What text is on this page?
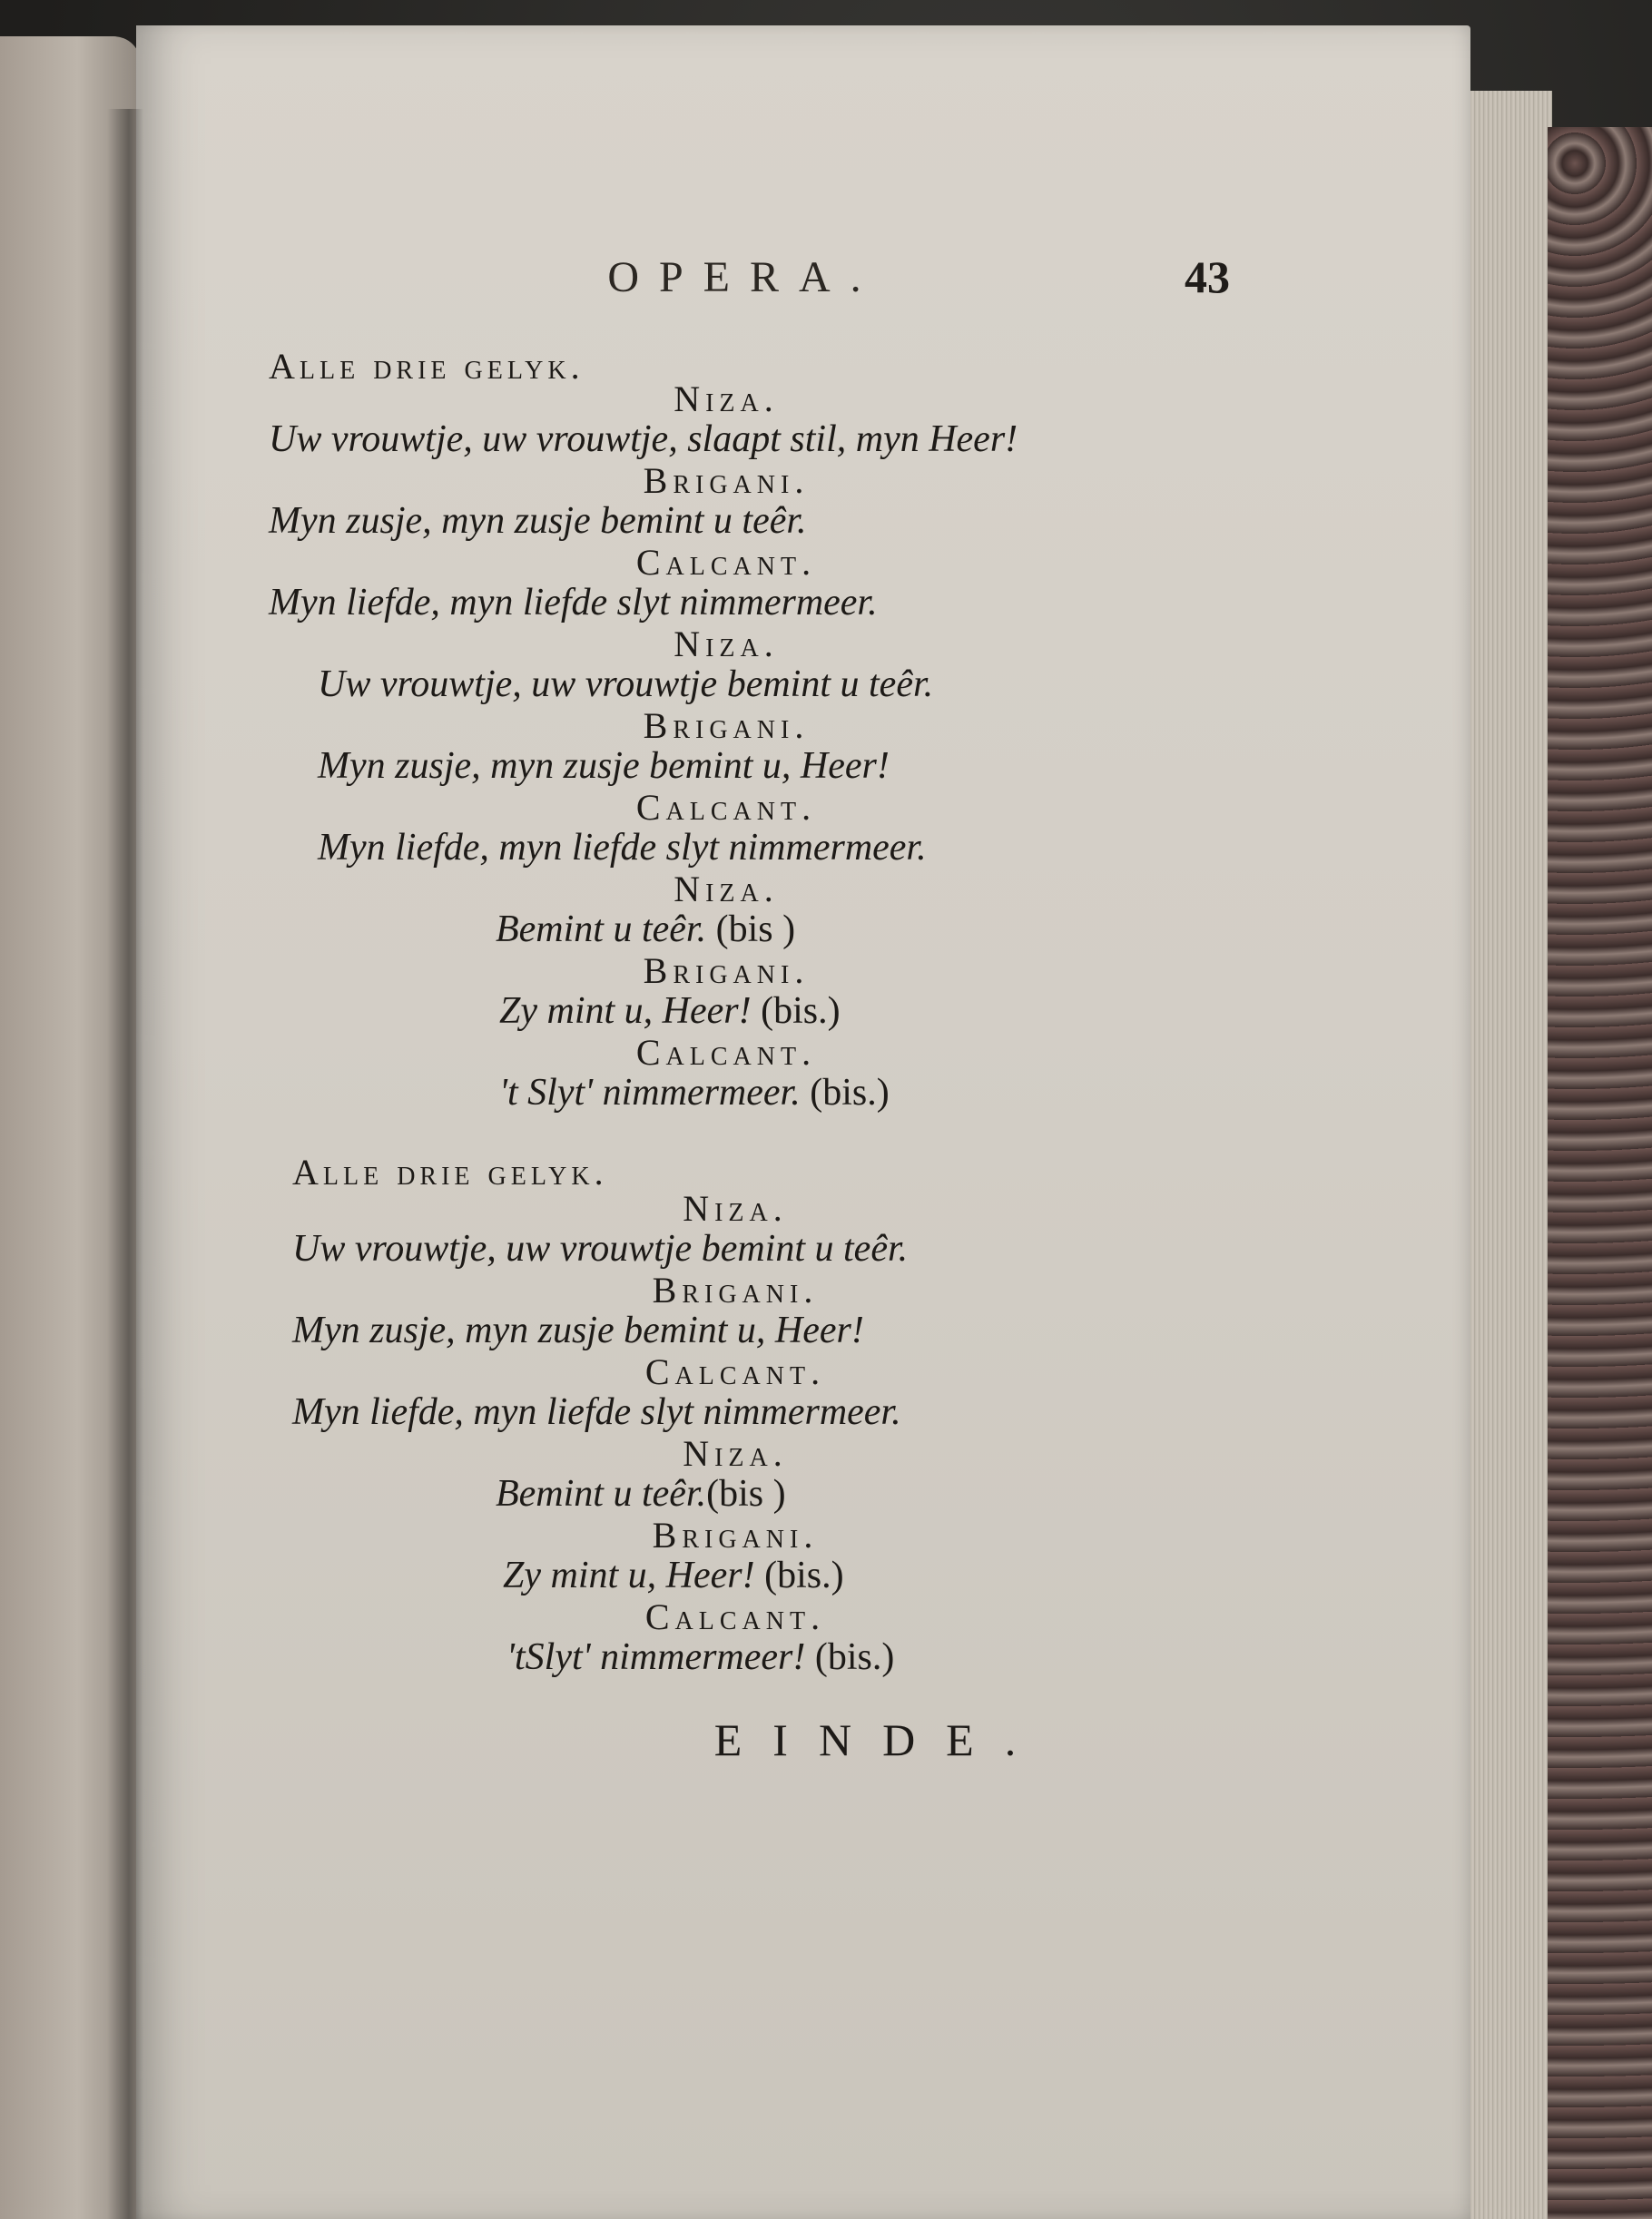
OPERA.	43
Alle drie gelyk.
Niza.
Uw vrouwtje, uw vrouwtje, slaapt stil, myn Heer!
Brigani.
Myn zusje, myn zusje bemint u teêr.
Calcant.
Myn liefde, myn liefde slyt nimmermeer.
Niza.
Uw vrouwtje, uw vrouwtje bemint u teêr.
Brigani.
Myn zusje, myn zusje bemint u, Heer!
Calcant.
Myn liefde, myn liefde slyt nimmermeer.
Niza.
Bemint u teêr. (bis )
Brigani.
Zy mint u, Heer! (bis.)
Calcant.
't Slyt' nimmermeer. (bis.)
Alle drie gelyk.
Niza.
Uw vrouwtje, uw vrouwtje bemint u teêr.
Brigani.
Myn zusje, myn zusje bemint u, Heer!
Calcant.
Myn liefde, myn liefde slyt nimmermeer.
Niza.
Bemint u teêr.(bis )
Brigani.
Zy mint u, Heer! (bis.)
Calcant.
'tSlyt' nimmermeer! (bis.)
EINDE.
